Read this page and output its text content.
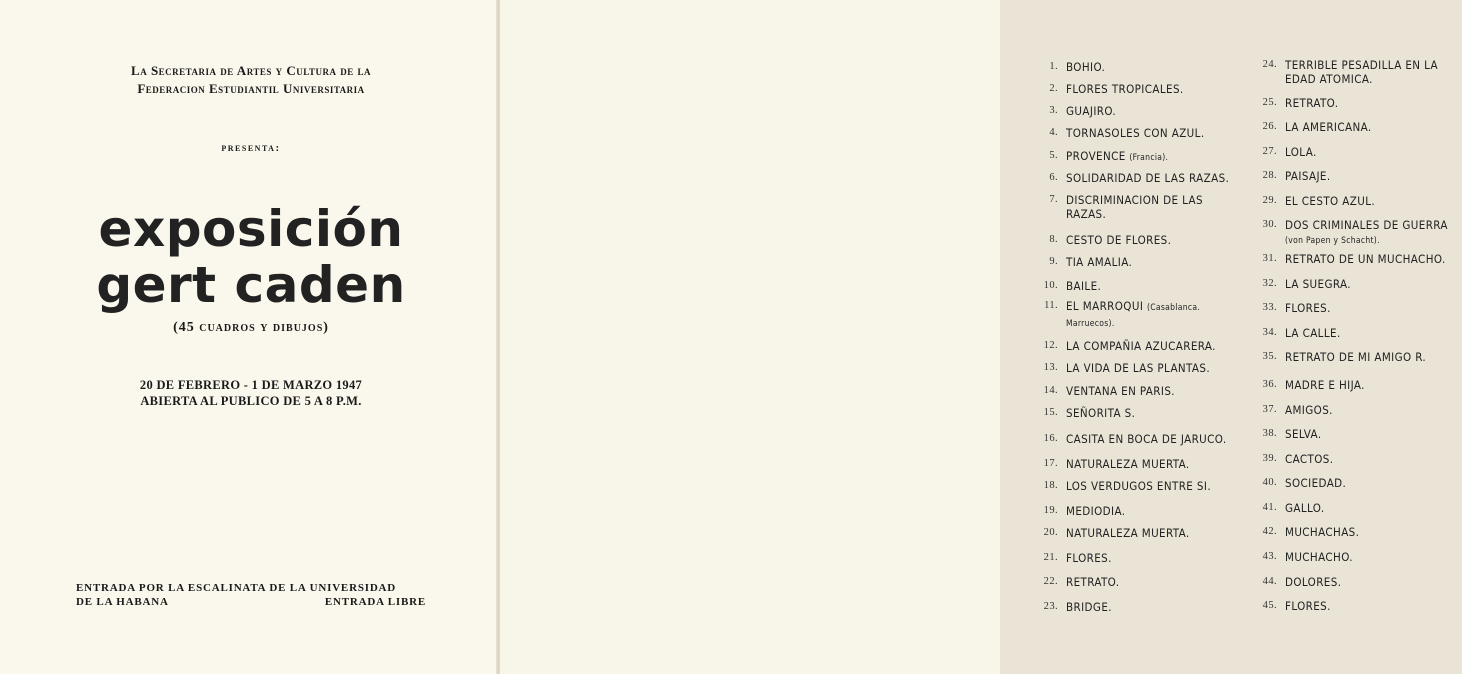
La Secretaria de Artes y Cultura de la
Federacion Estudiantil Universitaria
presenta:
exposición
gert caden
(45 cuadros y dibujos)
20 DE FEBRERO - 1 DE MARZO 1947
ABIERTA AL PUBLICO DE 5 A 8 P.M.
ENTRADA POR LA ESCALINATA DE LA UNIVERSIDAD
DE LA HABANA	ENTRADA LIBRE
1. BOHIO.
2. FLORES TROPICALES.
3. GUAJIRO.
4. TORNASOLES CON AZUL.
5. PROVENCE (Francia).
6. SOLIDARIDAD DE LAS RAZAS.
7. DISCRIMINACION DE LAS RAZAS.
8. CESTO DE FLORES.
9. TIA AMALIA.
10. BAILE.
11. EL MARROQUI (Casablanca. Marruecos).
12. LA COMPAÑIA AZUCARERA.
13. LA VIDA DE LAS PLANTAS.
14. VENTANA EN PARIS.
15. SEÑORITA S.
16. CASITA EN BOCA DE JARUCO.
17. NATURALEZA MUERTA.
18. LOS VERDUGOS ENTRE SI.
19. MEDIODIA.
20. NATURALEZA MUERTA.
21. FLORES.
22. RETRATO.
23. BRIDGE.
24. TERRIBLE PESADILLA EN LA EDAD ATOMICA.
25. RETRATO.
26. LA AMERICANA.
27. LOLA.
28. PAISAJE.
29. EL CESTO AZUL.
30. DOS CRIMINALES DE GUERRA (von Papen y Schacht).
31. RETRATO DE UN MUCHACHO.
32. LA SUEGRA.
33. FLORES.
34. LA CALLE.
35. RETRATO DE MI AMIGO R.
36. MADRE E HIJA.
37. AMIGOS.
38. SELVA.
39. CACTOS.
40. SOCIEDAD.
41. GALLO.
42. MUCHACHAS.
43. MUCHACHO.
44. DOLORES.
45. FLORES.
